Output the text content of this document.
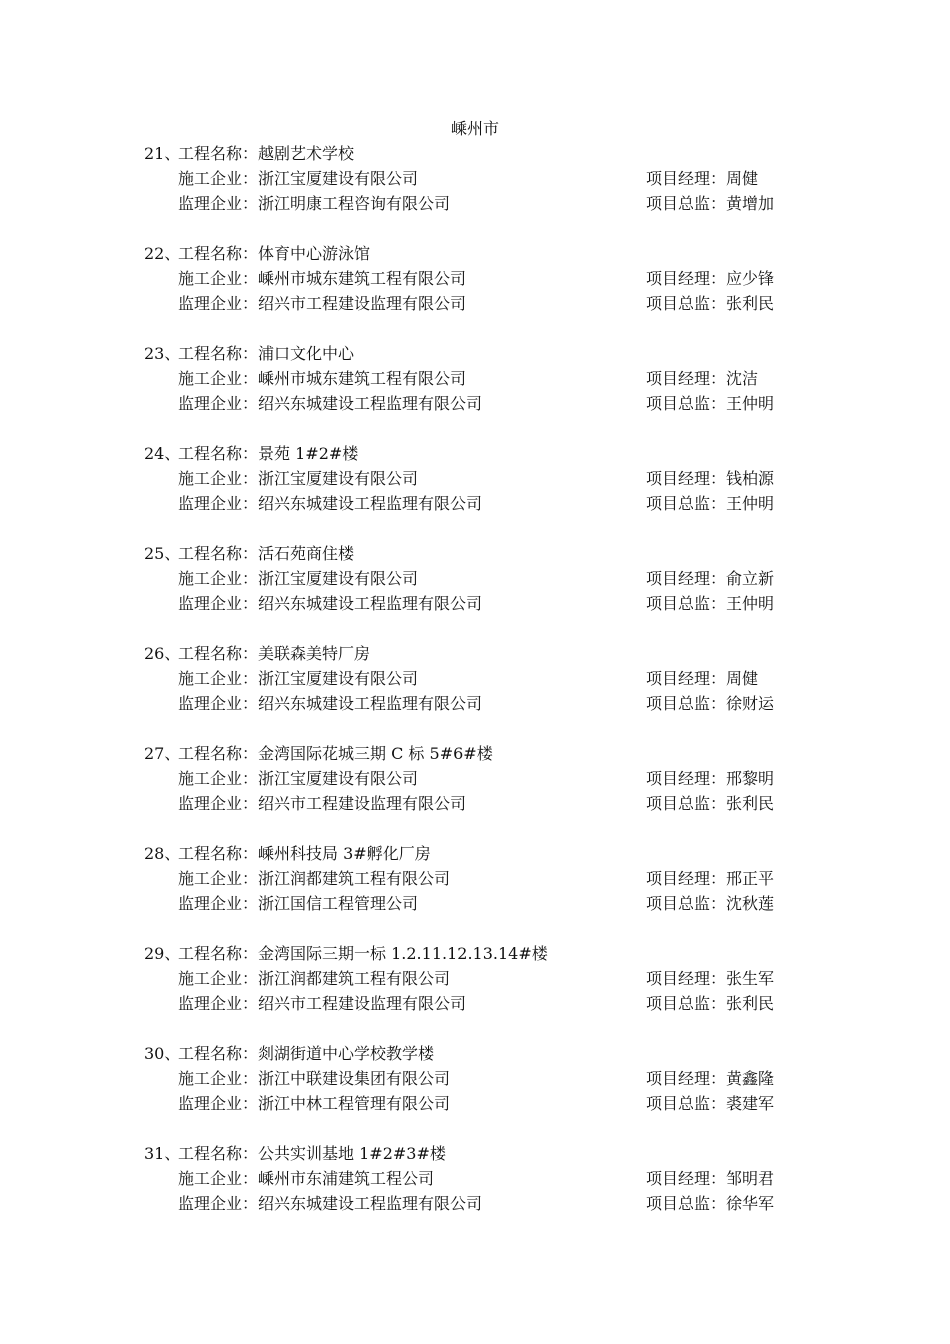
嵊州市
21、工程名称：越剧艺术学校
施工企业：浙江宝厦建设有限公司	项目经理：周健
监理企业：浙江明康工程咨询有限公司	项目总监：黄增加
22、工程名称：体育中心游泳馆
施工企业：嵊州市城东建筑工程有限公司	项目经理：应少锋
监理企业：绍兴市工程建设监理有限公司	项目总监：张利民
23、工程名称：浦口文化中心
施工企业：嵊州市城东建筑工程有限公司	项目经理：沈洁
监理企业：绍兴东城建设工程监理有限公司	项目总监：王仲明
24、工程名称：景苑 1#2#楼
施工企业：浙江宝厦建设有限公司	项目经理：钱柏源
监理企业：绍兴东城建设工程监理有限公司	项目总监：王仲明
25、工程名称：活石苑商住楼
施工企业：浙江宝厦建设有限公司	项目经理：俞立新
监理企业：绍兴东城建设工程监理有限公司	项目总监：王仲明
26、工程名称：美联森美特厂房
施工企业：浙江宝厦建设有限公司	项目经理：周健
监理企业：绍兴东城建设工程监理有限公司	项目总监：徐财运
27、工程名称：金湾国际花城三期 C 标 5#6#楼
施工企业：浙江宝厦建设有限公司	项目经理：邢黎明
监理企业：绍兴市工程建设监理有限公司	项目总监：张利民
28、工程名称：嵊州科技局 3#孵化厂房
施工企业：浙江润都建筑工程有限公司	项目经理：邢正平
监理企业：浙江国信工程管理公司	项目总监：沈秋莲
29、工程名称：金湾国际三期一标 1.2.11.12.13.14#楼
施工企业：浙江润都建筑工程有限公司	项目经理：张生军
监理企业：绍兴市工程建设监理有限公司	项目总监：张利民
30、工程名称：剡湖街道中心学校教学楼
施工企业：浙江中联建设集团有限公司	项目经理：黄鑫隆
监理企业：浙江中林工程管理有限公司	项目总监：裘建军
31、工程名称：公共实训基地 1#2#3#楼
施工企业：嵊州市东浦建筑工程公司	项目经理：邹明君
监理企业：绍兴东城建设工程监理有限公司	项目总监：徐华军
